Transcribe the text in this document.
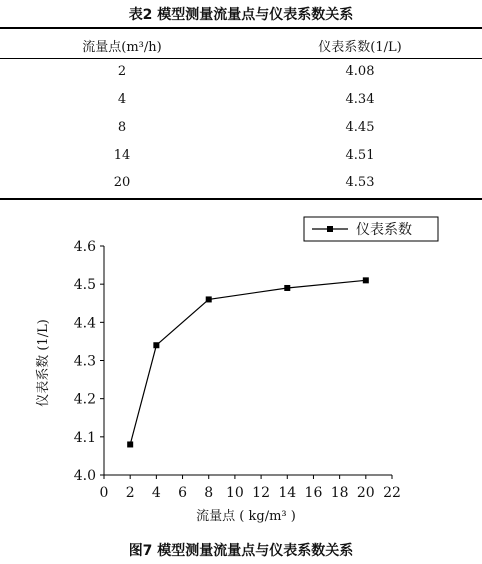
表2 模型测量流量点与仪表系数关系
流量点(m³/h)	仪表系数(1/L)
2	4.08
4	4.34
8	4.45
14	4.51
20	4.53
4.0
4.1
4.2
4.3
4.4
4.5
4.6
0 2 4 6 8 10 12 14 16 18 20 22
仪表系数
流量点 ( kg/m³ )
仪表系数 (1/L)
图7 模型测量流量点与仪表系数关系
